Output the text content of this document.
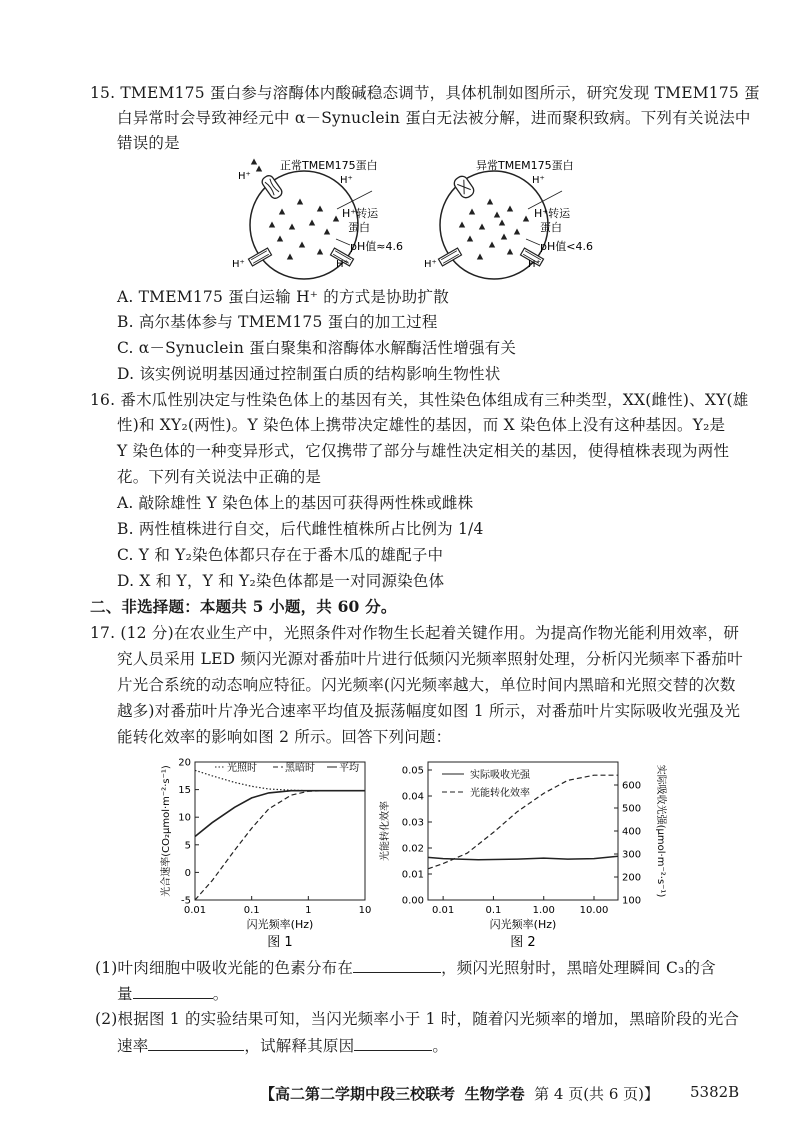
15. TMEM175 蛋白参与溶酶体内酸碱稳态调节，具体机制如图所示，研究发现 TMEM175 蛋
白异常时会导致神经元中 α－Synuclein 蛋白无法被分解，进而聚积致病。下列有关说法中
错误的是
正常TMEM175蛋白
H⁺	H⁺
H⁺转运
蛋白
pH值≈4.6
H⁺	H⁺
异常TMEM175蛋白
H⁺
H⁺转运
蛋白
pH值<4.6
H⁺	H⁺
A. TMEM175 蛋白运输 H⁺ 的方式是协助扩散
B. 高尔基体参与 TMEM175 蛋白的加工过程
C. α－Synuclein 蛋白聚集和溶酶体水解酶活性增强有关
D. 该实例说明基因通过控制蛋白质的结构影响生物性状
16. 番木瓜性别决定与性染色体上的基因有关，其性染色体组成有三种类型，XX(雌性)、XY(雄
性)和 XY₂(两性)。Y 染色体上携带决定雄性的基因，而 X 染色体上没有这种基因。Y₂是
Y 染色体的一种变异形式，它仅携带了部分与雄性决定相关的基因，使得植株表现为两性
花。下列有关说法中正确的是
A. 敲除雄性 Y 染色体上的基因可获得两性株或雌株
B. 两性植株进行自交，后代雌性植株所占比例为 1/4
C. Y 和 Y₂染色体都只存在于番木瓜的雄配子中
D. X 和 Y，Y 和 Y₂染色体都是一对同源染色体
二、非选择题：本题共 5 小题，共 60 分。
17. (12 分)在农业生产中，光照条件对作物生长起着关键作用。为提高作物光能利用效率，研
究人员采用 LED 频闪光源对番茄叶片进行低频闪光频率照射处理，分析闪光频率下番茄叶
片光合系统的动态响应特征。闪光频率(闪光频率越大，单位时间内黑暗和光照交替的次数
越多)对番茄叶片净光合速率平均值及振荡幅度如图 1 所示，对番茄叶片实际吸收光强及光
能转化效率的影响如图 2 所示。回答下列问题：
-5
0
5
10
15
20
0.01	0.1	1	10
闪光频率(Hz)
光合速率(CO₂μmol·m⁻²·s⁻¹)	光照时	黑暗时 平均
图 1
0.00
0.01
0.02
0.03
0.04
0.05
100
200
300
400
500
600
0.01	0.1	1.00 10.00
闪光频率(Hz)
光能转化效率	实际吸收光强(μmol·m⁻²·s⁻¹)
实际吸收光强
光能转化效率
图 2
(1)叶肉细胞中吸收光能的色素分布在	，频闪光照射时，黑暗处理瞬间 C₃的含
量	。
(2)根据图 1 的实验结果可知，当闪光频率小于 1 时，随着闪光频率的增加，黑暗阶段的光合
速率	，试解释其原因	。
【高二第二学期中段三校联考 生物学卷 第 4 页(共 6 页)】 5382B
